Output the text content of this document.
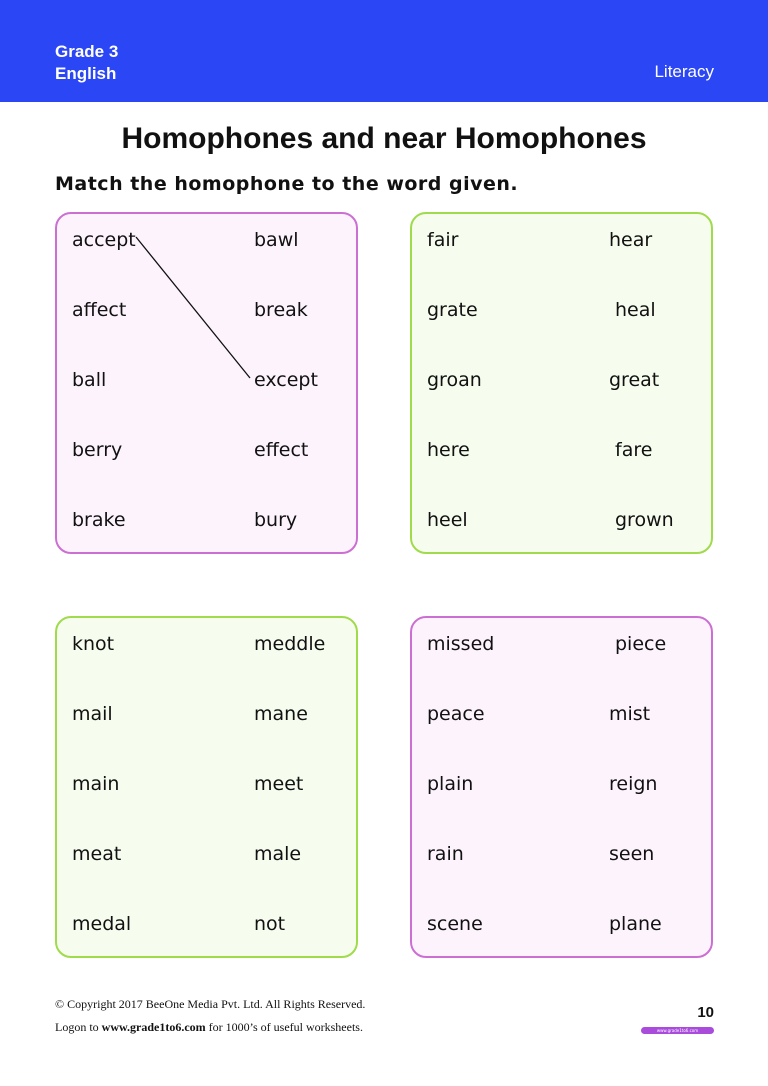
Grade 3
English	Literacy
Homophones and near Homophones
Match the homophone to the word given.
accept
affect
ball
berry
brake
bawl
break
except
effect
bury
fair
grate
groan
here
heel
hear
heal
great
fare
grown
knot
mail
main
meat
medal
meddle
mane
meet
male
not
missed
peace
plain
rain
scene
piece
mist
reign
seen
plane
© Copyright 2017 BeeOne Media Pvt. Ltd. All Rights Reserved.
Logon to www.grade1to6.com for 1000’s of useful worksheets.
10
www.grade1to6.com
